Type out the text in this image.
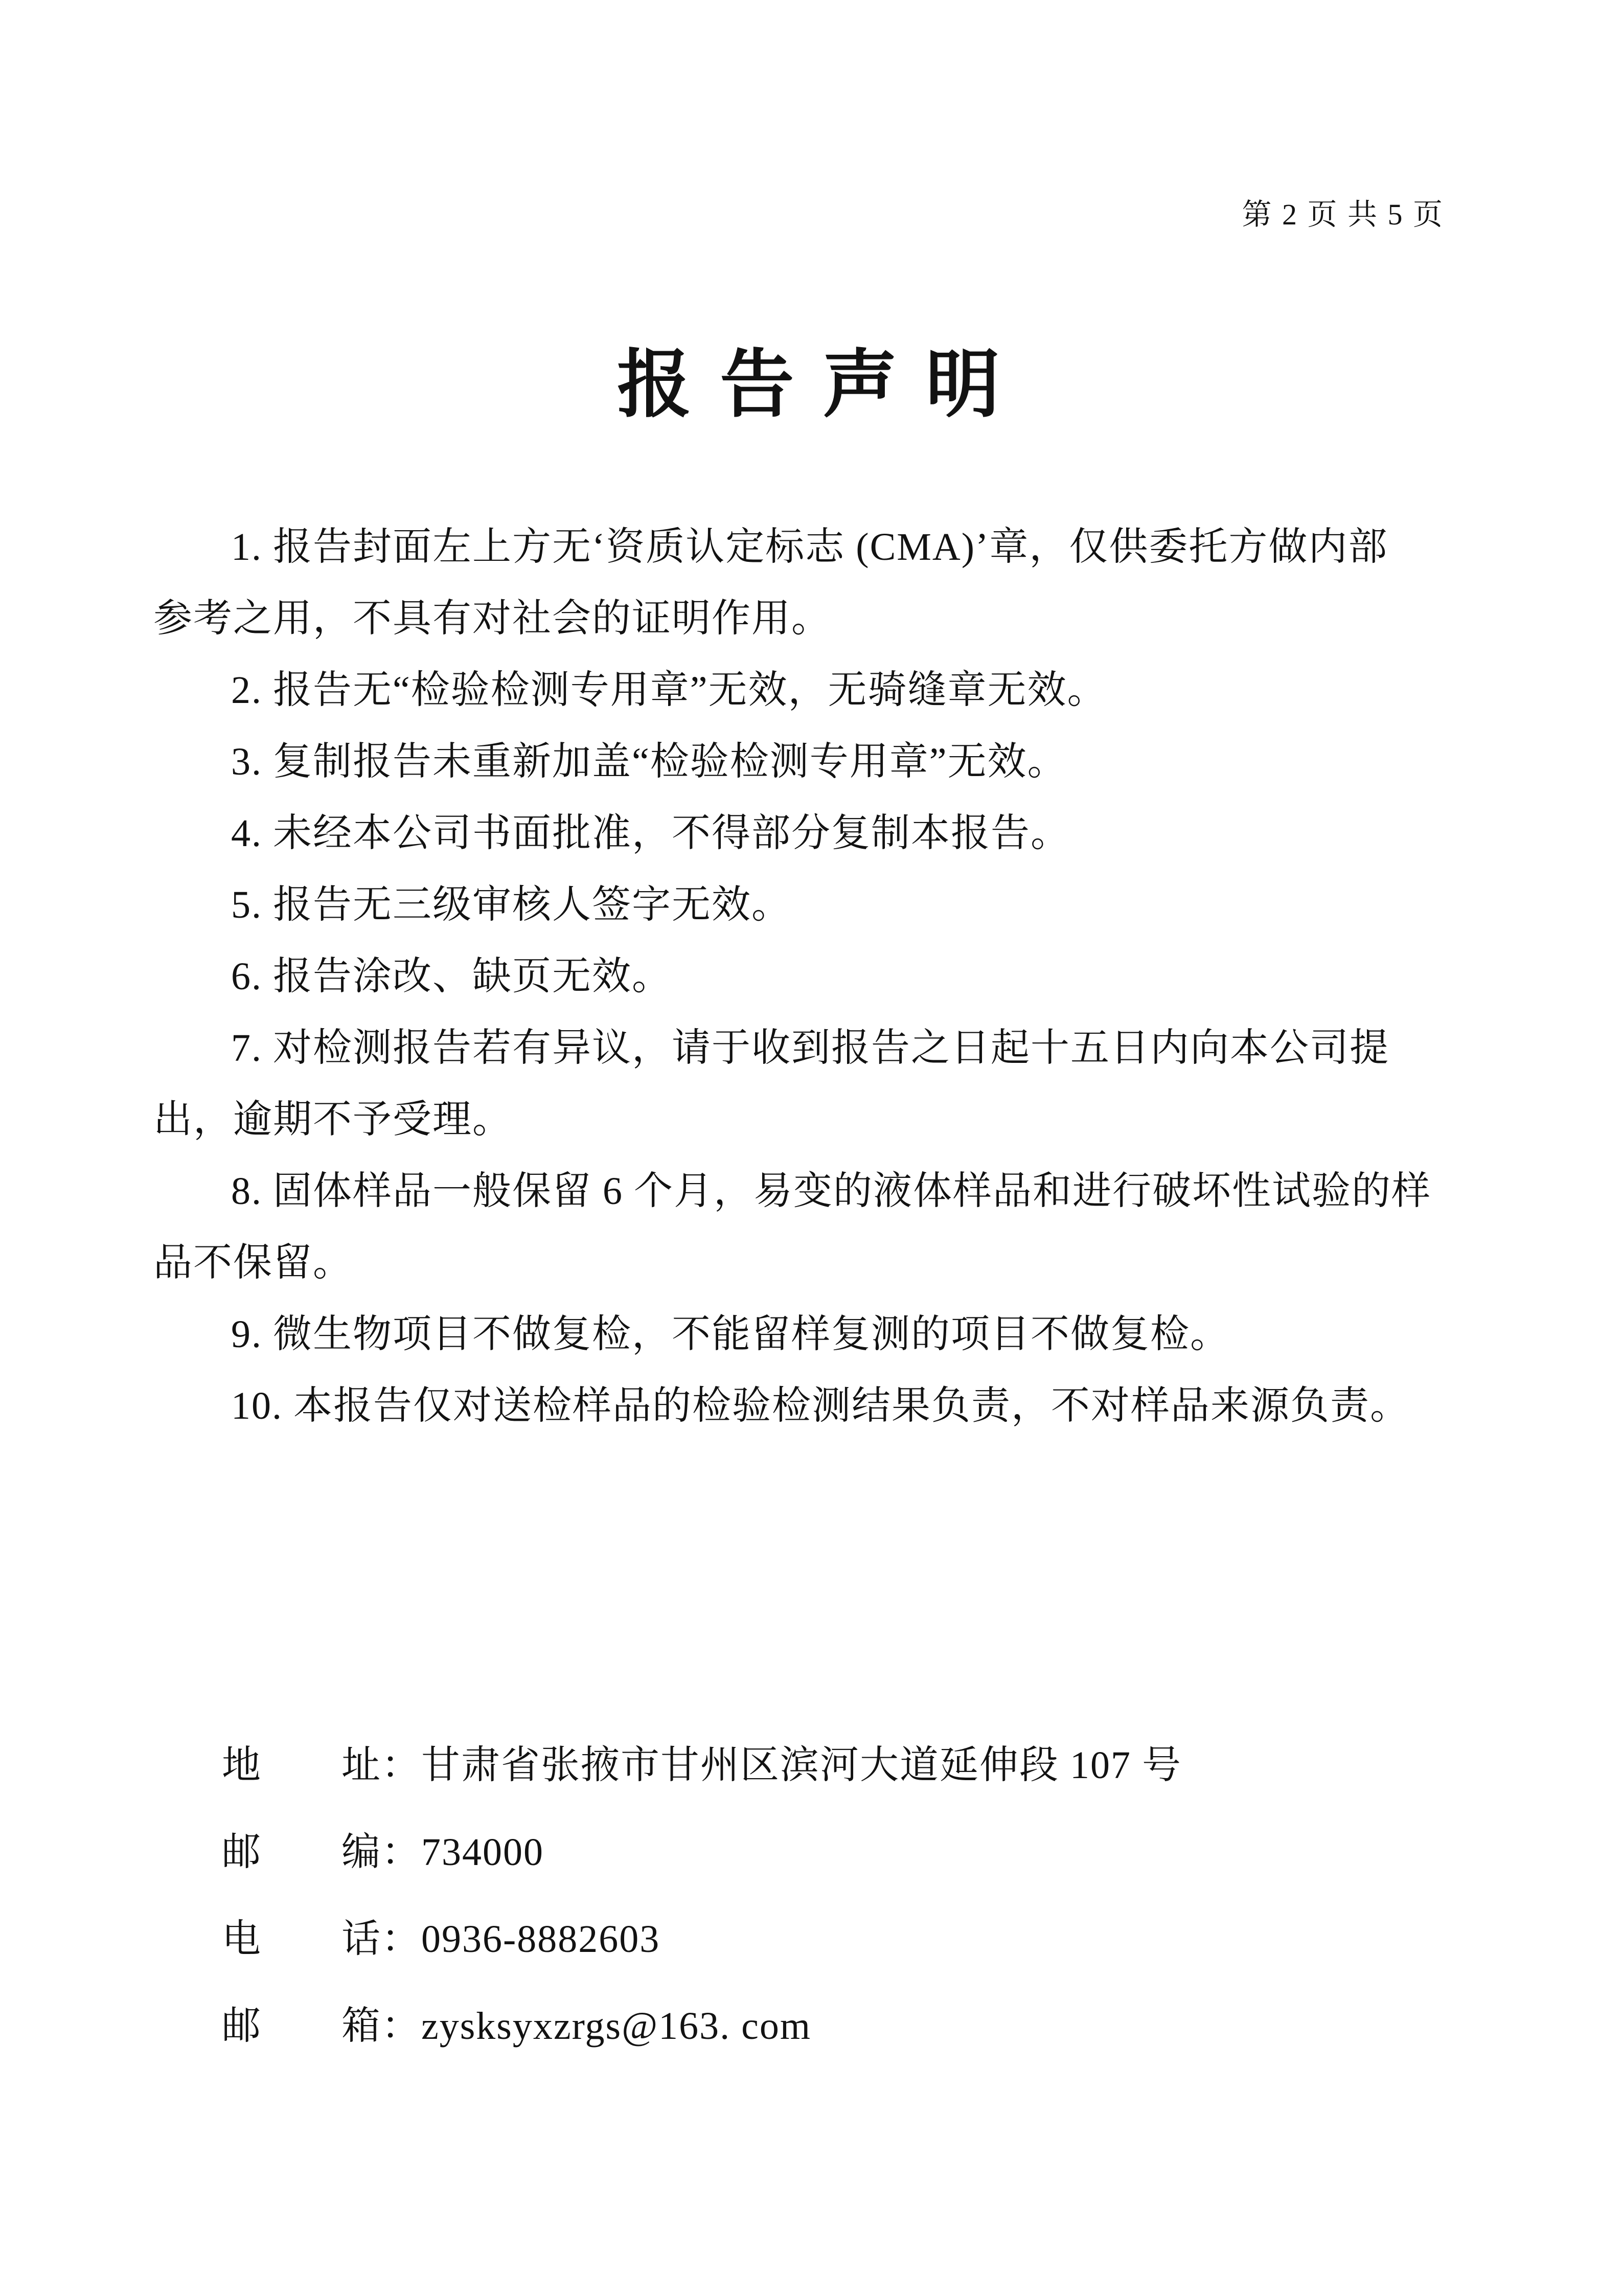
第 2 页 共 5 页
报 告 声 明

1. 报告封面左上方无‘资质认定标志 (CMA)’章，仅供委托方做内部
参考之用，不具有对社会的证明作用。

2. 报告无“检验检测专用章”无效，无骑缝章无效。

3. 复制报告未重新加盖“检验检测专用章”无效。

4. 未经本公司书面批准，不得部分复制本报告。

5. 报告无三级审核人签字无效。

6. 报告涂改、缺页无效。

7. 对检测报告若有异议，请于收到报告之日起十五日内向本公司提
出，逾期不予受理。

8. 固体样品一般保留 6 个月，易变的液体样品和进行破坏性试验的样
品不保留。

9. 微生物项目不做复检，不能留样复测的项目不做复检。

10. 本报告仅对送检样品的检验检测结果负责，不对样品来源负责。

地　　址：甘肃省张掖市甘州区滨河大道延伸段 107 号
邮　　编：734000
电　　话：0936-8882603
邮　　箱：zysksyxzrgs@163. com
